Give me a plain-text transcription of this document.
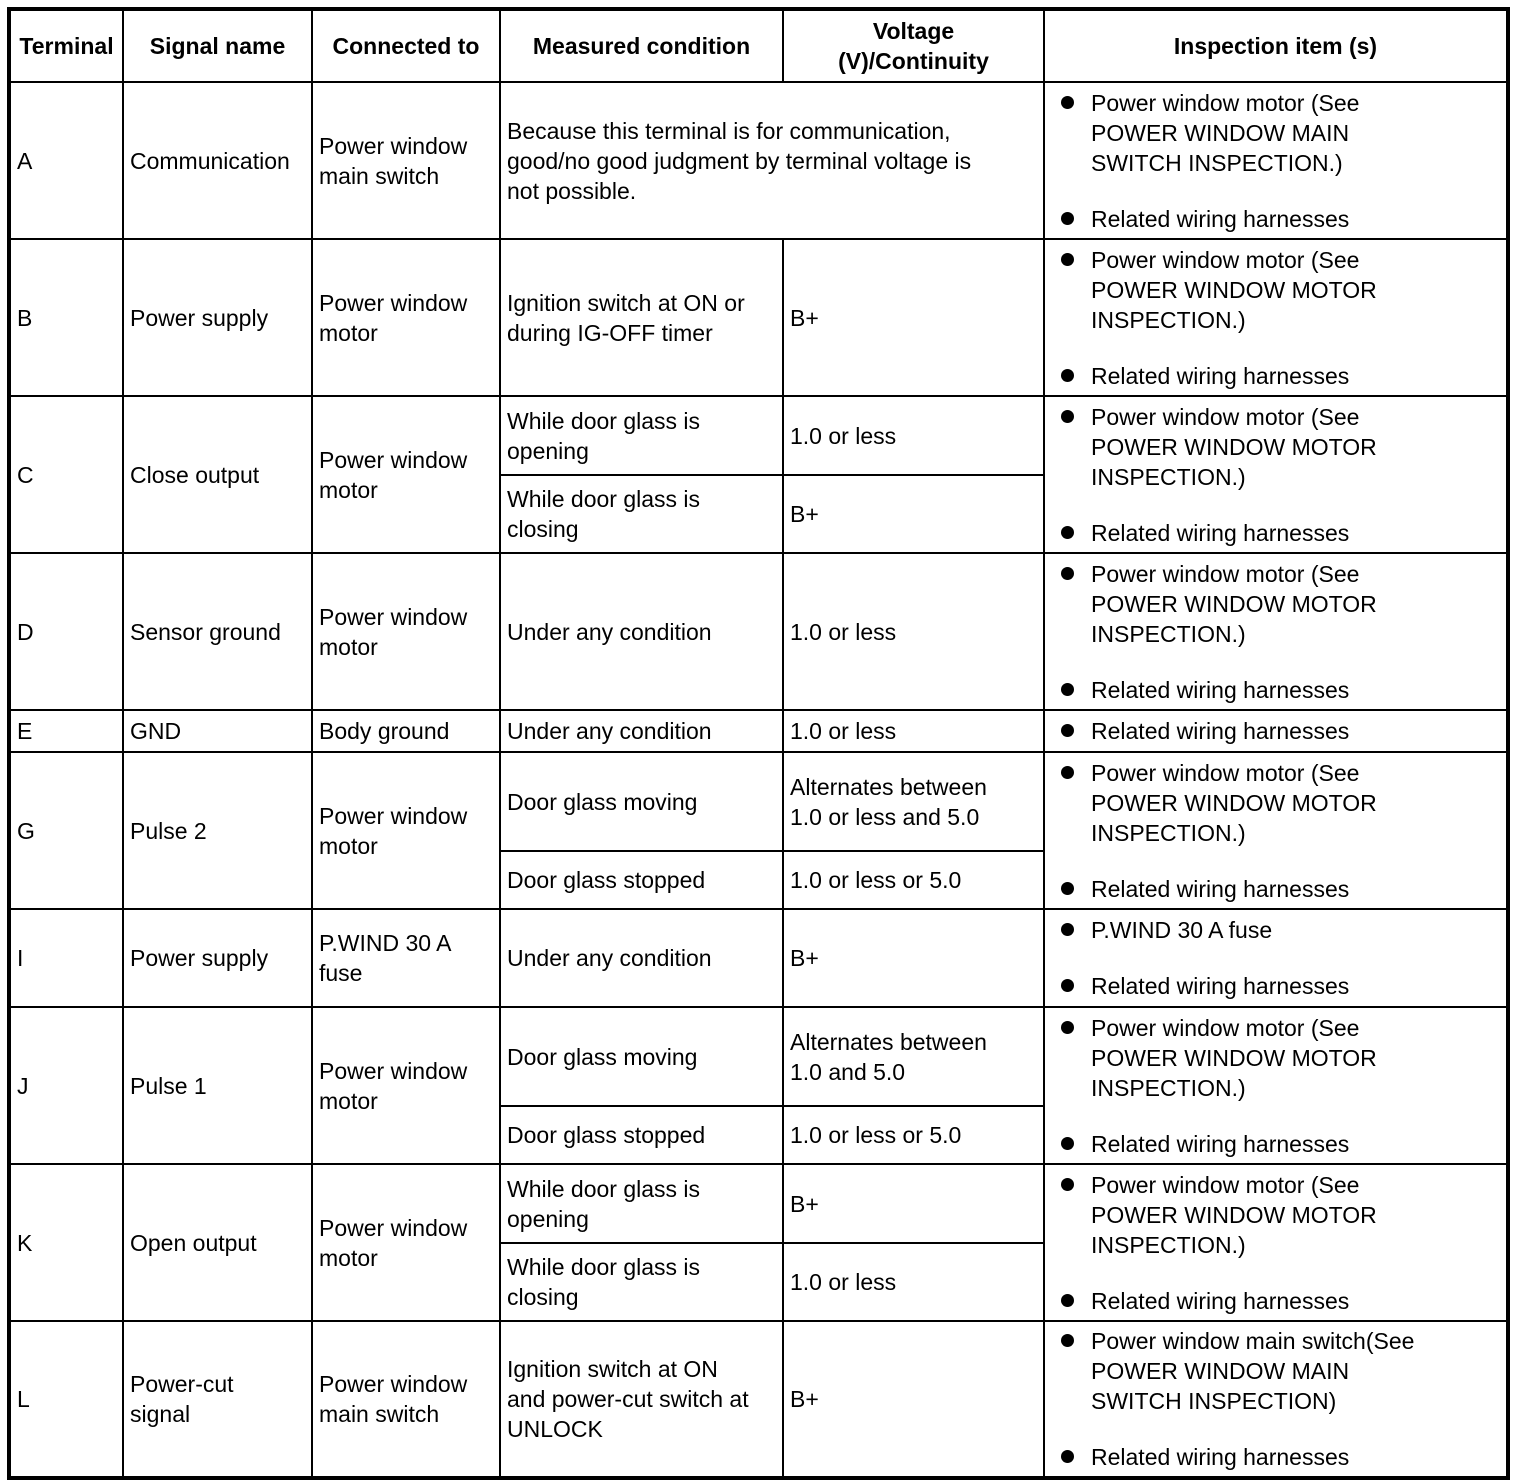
Terminal	Signal name	Connected to	Measured condition	Voltage
(V)/Continuity	Inspection item (s)
A	Communication	Power window
main switch	Because this terminal is for communication,
good/no good judgment by terminal voltage is
not possible.		Power window motor (See
POWER WINDOW MAIN
SWITCH INSPECTION.)
Related wiring harnesses

B	Power supply	Power window
motor	Ignition switch at ON or
during IG-OFF timer	B+	Power window motor (See
POWER WINDOW MOTOR
INSPECTION.)
Related wiring harnesses

C	Close output	Power window
motor	While door glass is
opening	1.0 or less	Power window motor (See
POWER WINDOW MOTOR
INSPECTION.)
Related wiring harnesses

			While door glass is
closing	B+	
D	Sensor ground	Power window
motor	Under any condition	1.0 or less	Power window motor (See
POWER WINDOW MOTOR
INSPECTION.)
Related wiring harnesses

E	GND	Body ground	Under any condition	1.0 or less	Related wiring harnesses

G	Pulse 2	Power window
motor	Door glass moving	Alternates between
1.0 or less and 5.0	Power window motor (See
POWER WINDOW MOTOR
INSPECTION.)
Related wiring harnesses

			Door glass stopped	1.0 or less or 5.0	
I	Power supply	P.WIND 30 A
fuse	Under any condition	B+	P.WIND 30 A fuse
Related wiring harnesses

J	Pulse 1	Power window
motor	Door glass moving	Alternates between
1.0 and 5.0	Power window motor (See
POWER WINDOW MOTOR
INSPECTION.)
Related wiring harnesses

			Door glass stopped	1.0 or less or 5.0	
K	Open output	Power window
motor	While door glass is
opening	B+	Power window motor (See
POWER WINDOW MOTOR
INSPECTION.)
Related wiring harnesses

			While door glass is
closing	1.0 or less	
L	Power-cut
signal	Power window
main switch	Ignition switch at ON
and power-cut switch at
UNLOCK	B+	Power window main switch(See
POWER WINDOW MAIN
SWITCH INSPECTION)
Related wiring harnesses
